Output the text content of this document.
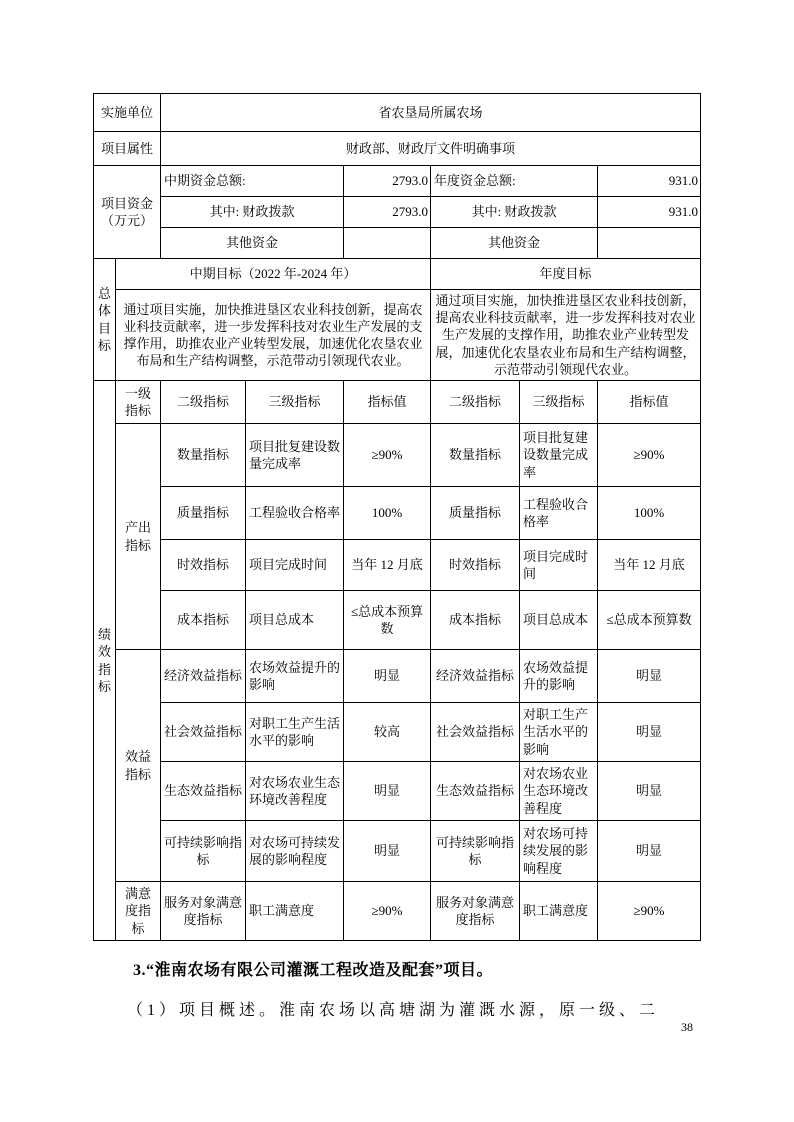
实施单位		省农垦局所属农场					
项目属性		财政部、财政厅文件明确事项					
项目资金（万元）		中期资金总额:		2793.0	年度资金总额:		931.0
		其中: 财政拨款		2793.0	其中: 财政拨款		931.0
		其他资金			其他资金		
总体目标	中期目标（2022 年-2024 年）				年度目标		
	通过项目实施，加快推进垦区农业科技创新，提高农业科技贡献率，进一步发挥科技对农业生产发展的支撑作用，助推农业产业转型发展，加速优化农垦农业布局和生产结构调整，示范带动引领现代农业。				通过项目实施，加快推进垦区农业科技创新，提高农业科技贡献率，进一步发挥科技对农业生产发展的支撑作用，助推农业产业转型发展，加速优化农垦农业布局和生产结构调整，示范带动引领现代农业。		
绩效指标	一级指标	二级指标	三级指标	指标值	二级指标	三级指标	指标值
	产出指标	数量指标	项目批复建设数量完成率	≥90%	数量指标	项目批复建设数量完成率	≥90%
		质量指标	工程验收合格率	100%	质量指标	工程验收合格率	100%
		时效指标	项目完成时间	当年 12 月底	时效指标	项目完成时间	当年 12 月底
		成本指标	项目总成本	≤总成本预算数	成本指标	项目总成本	≤总成本预算数
	效益指标	经济效益指标	农场效益提升的影响	明显	经济效益指标	农场效益提升的影响	明显
		社会效益指标	对职工生产生活水平的影响	较高	社会效益指标	对职工生产生活水平的影响	明显
		生态效益指标	对农场农业生态环境改善程度	明显	生态效益指标	对农场农业生态环境改善程度	明显
		可持续影响指标	对农场可持续发展的影响程度	明显	可持续影响指标	对农场可持续发展的影响程度	明显
	满意度指标	服务对象满意度指标	职工满意度	≥90%	服务对象满意度指标	职工满意度	≥90%
3.“淮南农场有限公司灌溉工程改造及配套”项目。
（1）项目概述。淮南农场以高塘湖为灌溉水源，原一级、二
38
